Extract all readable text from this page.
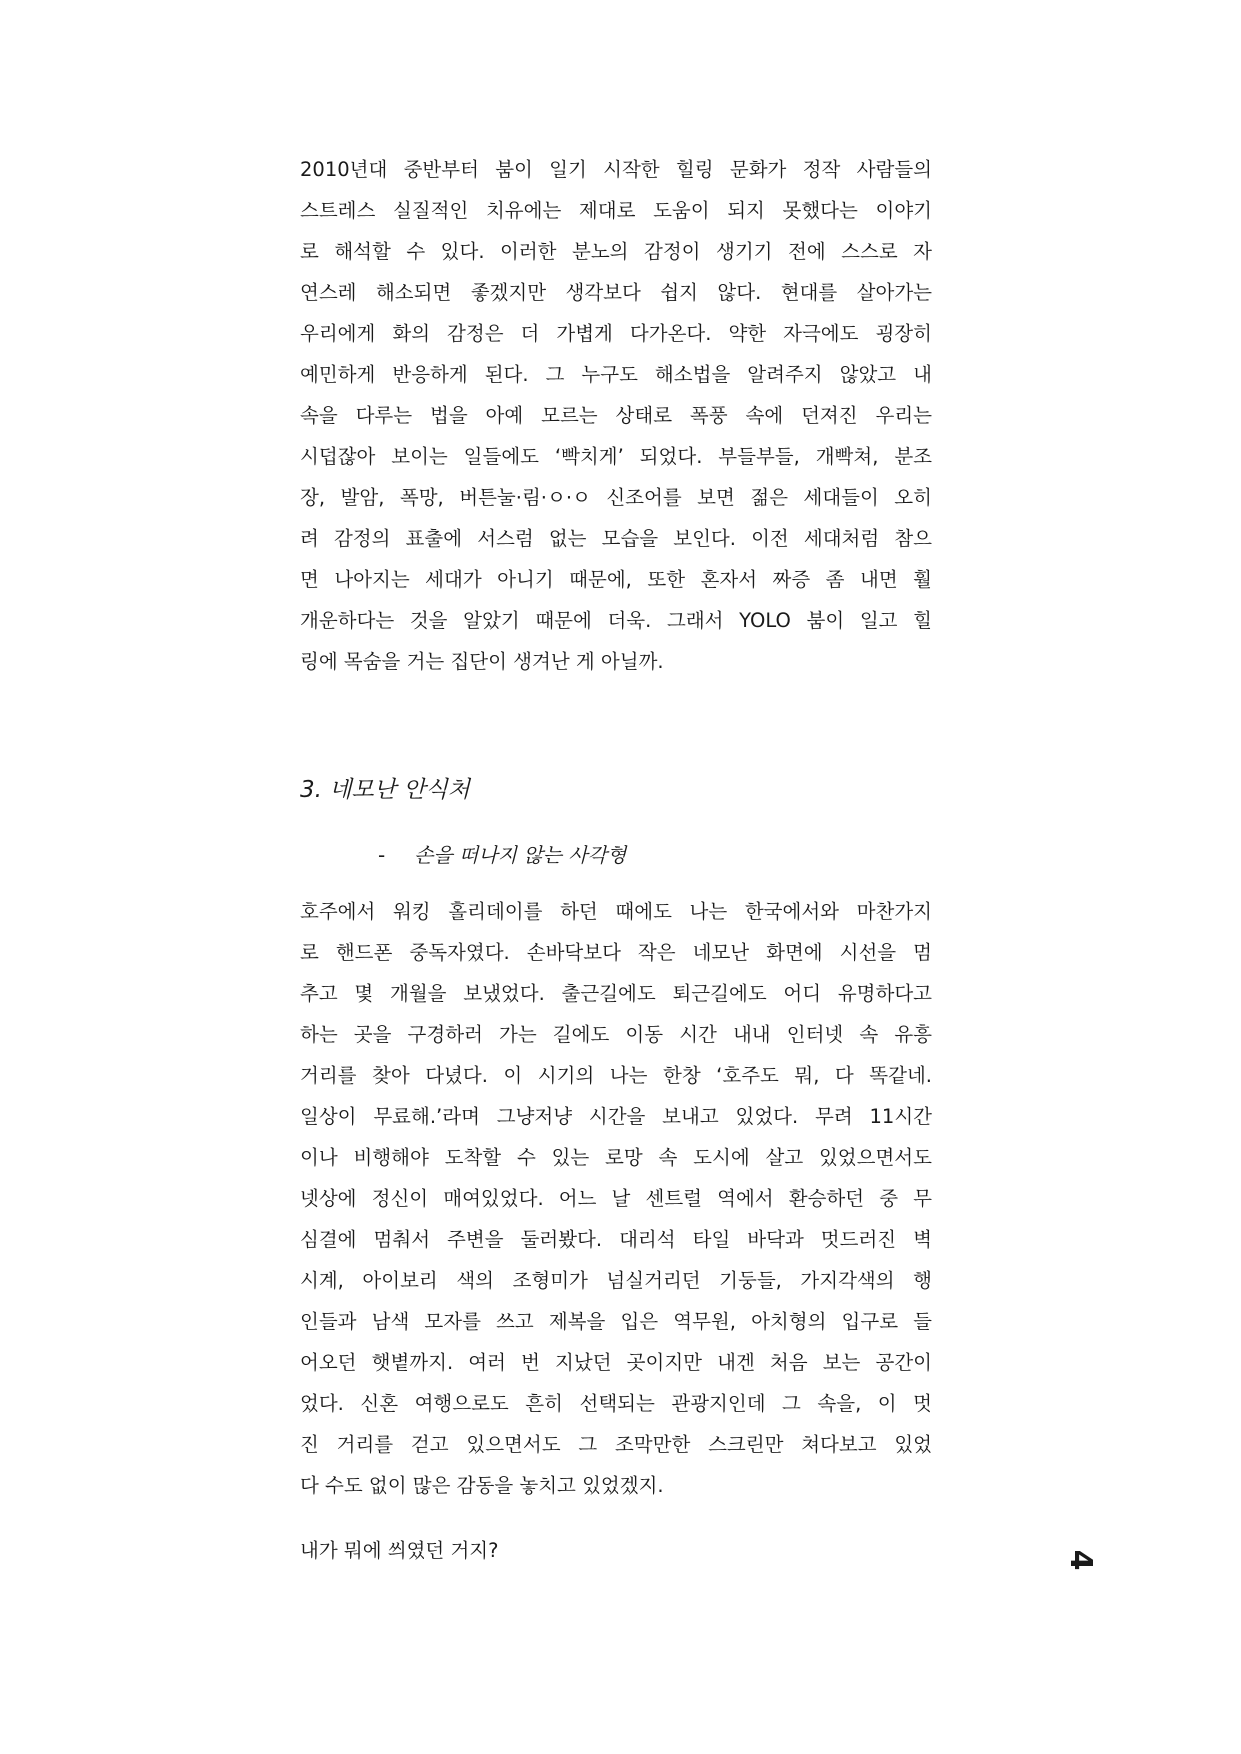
2010년대 중반부터 붐이 일기 시작한 힐링 문화가 정작 사람들의
스트레스 실질적인 치유에는 제대로 도움이 되지 못했다는 이야기
로 해석할 수 있다. 이러한 분노의 감정이 생기기 전에 스스로 자
연스레 해소되면 좋겠지만 생각보다 쉽지 않다. 현대를 살아가는
우리에게 화의 감정은 더 가볍게 다가온다. 약한 자극에도 굉장히
예민하게 반응하게 된다. 그 누구도 해소법을 알려주지 않았고 내
속을 다루는 법을 아예 모르는 상태로 폭풍 속에 던져진 우리는
시덥잖아 보이는 일들에도 ‘빡치게’ 되었다. 부들부들, 개빡쳐, 분조
장, 발암, 폭망, 버튼눌·림·ㅇ·ㅇ 신조어를 보면 젊은 세대들이 오히
려 감정의 표출에 서스럼 없는 모습을 보인다. 이전 세대처럼 참으
면 나아지는 세대가 아니기 때문에, 또한 혼자서 짜증 좀 내면 훨
개운하다는 것을 알았기 때문에 더욱. 그래서 YOLO 붐이 일고 힐
링에 목숨을 거는 집단이 생겨난 게 아닐까.
3. 네모난 안식처
- 손을 떠나지 않는 사각형
호주에서 워킹 홀리데이를 하던 때에도 나는 한국에서와 마찬가지
로 핸드폰 중독자였다. 손바닥보다 작은 네모난 화면에 시선을 멈
추고 몇 개월을 보냈었다. 출근길에도 퇴근길에도 어디 유명하다고
하는 곳을 구경하러 가는 길에도 이동 시간 내내 인터넷 속 유흥
거리를 찾아 다녔다. 이 시기의 나는 한창 ‘호주도 뭐, 다 똑같네.
일상이 무료해.’라며 그냥저냥 시간을 보내고 있었다. 무려 11시간
이나 비행해야 도착할 수 있는 로망 속 도시에 살고 있었으면서도
넷상에 정신이 매여있었다. 어느 날 센트럴 역에서 환승하던 중 무
심결에 멈춰서 주변을 둘러봤다. 대리석 타일 바닥과 멋드러진 벽
시계, 아이보리 색의 조형미가 넘실거리던 기둥들, 가지각색의 행
인들과 남색 모자를 쓰고 제복을 입은 역무원, 아치형의 입구로 들
어오던 햇볕까지. 여러 번 지났던 곳이지만 내겐 처음 보는 공간이
었다. 신혼 여행으로도 흔히 선택되는 관광지인데 그 속을, 이 멋
진 거리를 걷고 있으면서도 그 조막만한 스크린만 쳐다보고 있었
다 수도 없이 많은 감동을 놓치고 있었겠지.
내가 뭐에 씌였던 거지?	4
